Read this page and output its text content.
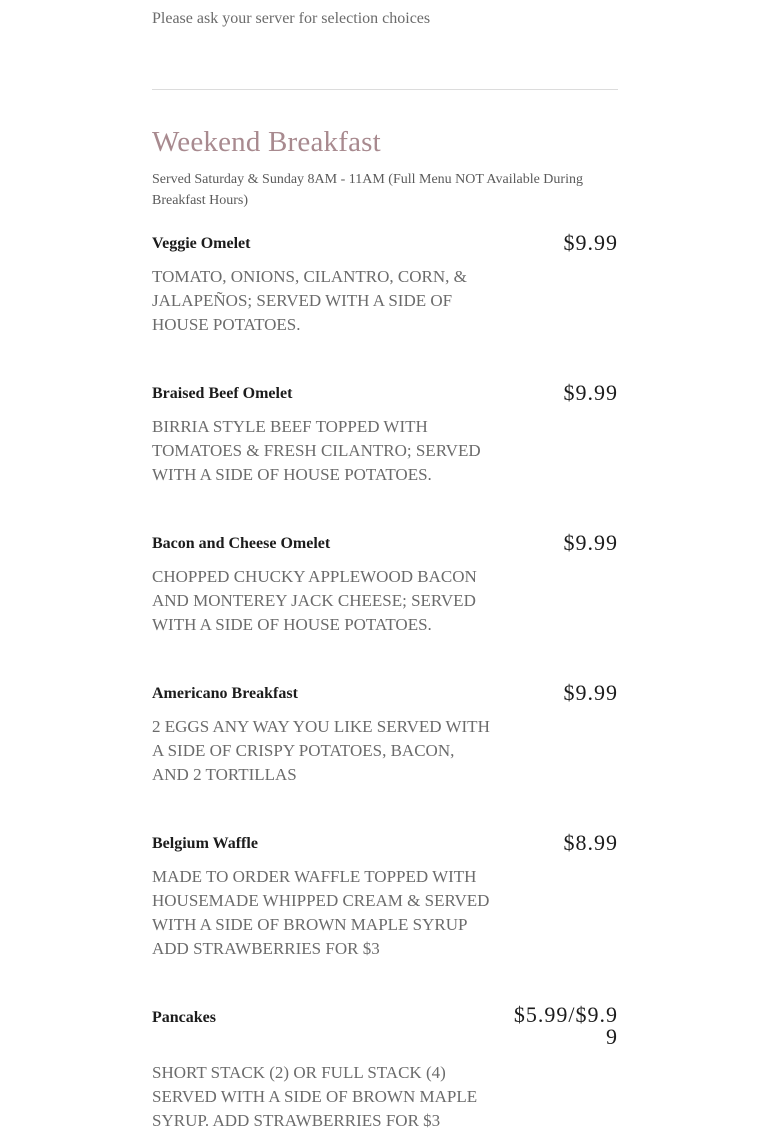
Please ask your server for selection choices
Weekend Breakfast
Served Saturday & Sunday 8AM - 11AM (Full Menu NOT Available During Breakfast Hours)
Veggie Omelet	$9.99
TOMATO, ONIONS, CILANTRO, CORN, & JALAPEÑOS; SERVED WITH A SIDE OF HOUSE POTATOES.
Braised Beef Omelet	$9.99
BIRRIA STYLE BEEF TOPPED WITH TOMATOES & FRESH CILANTRO; SERVED WITH A SIDE OF HOUSE POTATOES.
Bacon and Cheese Omelet	$9.99
CHOPPED CHUCKY APPLEWOOD BACON AND MONTEREY JACK CHEESE; SERVED WITH A SIDE OF HOUSE POTATOES.
Americano Breakfast	$9.99
2 EGGS ANY WAY YOU LIKE SERVED WITH A SIDE OF CRISPY POTATOES, BACON, AND 2 TORTILLAS
Belgium Waffle	$8.99
MADE TO ORDER WAFFLE TOPPED WITH HOUSEMADE WHIPPED CREAM & SERVED WITH A SIDE OF BROWN MAPLE SYRUP
ADD STRAWBERRIES FOR $3
Pancakes	$5.99/$9.99
SHORT STACK (2) OR FULL STACK (4) SERVED WITH A SIDE OF BROWN MAPLE SYRUP. ADD STRAWBERRIES FOR $3
